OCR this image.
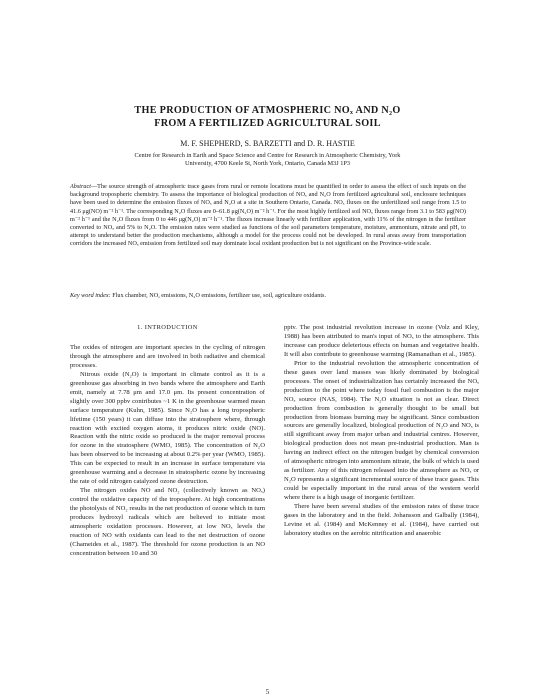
THE PRODUCTION OF ATMOSPHERIC NOₓ AND N₂O
FROM A FERTILIZED AGRICULTURAL SOIL
M. F. SHEPHERD, S. BARZETTI and D. R. HASTIE
Centre for Research in Earth and Space Science and Centre for Research in Atmospheric Chemistry, York
University, 4700 Keele St, North York, Ontario, Canada M3J 1P3
Abstract—The source strength of atmospheric trace gases from rural or remote locations must be quantified in order to assess the effect of such inputs on the background tropospheric chemistry. To assess the importance of biological production of NOₓ and N₂O from fertilized agricultural soil, enclosure techniques have been used to determine the emission fluxes of NOₓ and N₂O at a site in Southern Ontario, Canada. NOₓ fluxes on the unfertilized soil range from 1.5 to 41.6 μg(NO) m⁻² h⁻¹. The corresponding N₂O fluxes are 0–61.8 μg(N₂O) m⁻² h⁻¹. For the most highly fertilized soil NOₓ fluxes range from 3.1 to 583 μg(NO) m⁻² h⁻¹ and the N₂O fluxes from 0 to 446 μg(N₂O) m⁻² h⁻¹. The fluxes increase linearly with fertilizer application, with 11% of the nitrogen in the fertilizer converted to NOₓ and 5% to N₂O. The emission rates were studied as functions of the soil parameters temperature, moisture, ammonium, nitrate and pH, to attempt to understand better the production mechanisms, although a model for the process could not be developed. In rural areas away from transportation corridors the increased NOₓ emission from fertilized soil may dominate local oxidant production but is not significant on the Province-wide scale.
Key word index: Flux chamber, NO, emissions, N₂O emissions, fertilizer use, soil, agriculture oxidants.
1. INTRODUCTION

The oxides of nitrogen are important species in the cycling of nitrogen through the atmosphere and are involved in both radiative and chemical processes.

Nitrous oxide (N₂O) is important in climate control as it is a greenhouse gas absorbing in two bands where the atmosphere and Earth emit, namely at 7.78 μm and 17.0 μm. Its present concentration of slightly over 300 ppbv contributes ~1 K in the greenhouse warmed mean surface temperature (Kuhn, 1985). Since N₂O has a long tropospheric lifetime (150 years) it can diffuse into the stratosphere where, through reaction with excited oxygen atoms, it produces nitric oxide (NO). Reaction with the nitric oxide so produced is the major removal process for ozone in the stratosphere (WMO, 1985). The concentration of N₂O has been observed to be increasing at about 0.2% per year (WMO, 1985). This can be expected to result in an increase in surface temperature via greenhouse warming and a decrease in stratospheric ozone by increasing the rate of odd nitrogen catalyzed ozone destruction.

The nitrogen oxides NO and NO₂ (collectively known as NOₓ) control the oxidative capacity of the troposphere. At high concentrations the photolysis of NO₂ results in the net production of ozone which in turn produces hydroxyl radicals which are believed to initiate most atmospheric oxidation processes. However, at low NOₓ levels the reaction of NO with oxidants can lead to the net destruction of ozone (Chameides et al., 1987). The threshold for ozone production is an NO concentration between 10 and 30

pptv. The post industrial revolution increase in ozone (Volz and Kley, 1988) has been attributed to man's input of NOₓ to the atmosphere. This increase can produce deleterious effects on human and vegetative health. It will also contribute to greenhouse warming (Ramanathan et al., 1985).

Prior to the industrial revolution the atmospheric concentration of these gases over land masses was likely dominated by biological processes. The onset of industrialization has certainly increased the NOₓ production to the point where today fossil fuel combustion is the major NOₓ source (NAS, 1984). The N₂O situation is not as clear. Direct production from combustion is generally thought to be small but production from biomass burning may be significant. Since combustion sources are generally localized, biological production of N₂O and NOₓ is still significant away from major urban and industrial centres. However, biological production does not mean pre-industrial production. Man is having an indirect effect on the nitrogen budget by chemical conversion of atmospheric nitrogen into ammonium nitrate, the bulk of which is used as fertilizer. Any of this nitrogen released into the atmosphere as NOₓ or N₂O represents a significant incremental source of these trace gases. This could be especially important in the rural areas of the western world where there is a high usage of inorganic fertilizer.

There have been several studies of the emission rates of these trace gases in the laboratory and in the field. Johansson and Galbally (1984), Levine et al. (1984) and McKenney et al. (1984), have carried out laboratory studies on the aerobic nitrification and anaerobic

5
